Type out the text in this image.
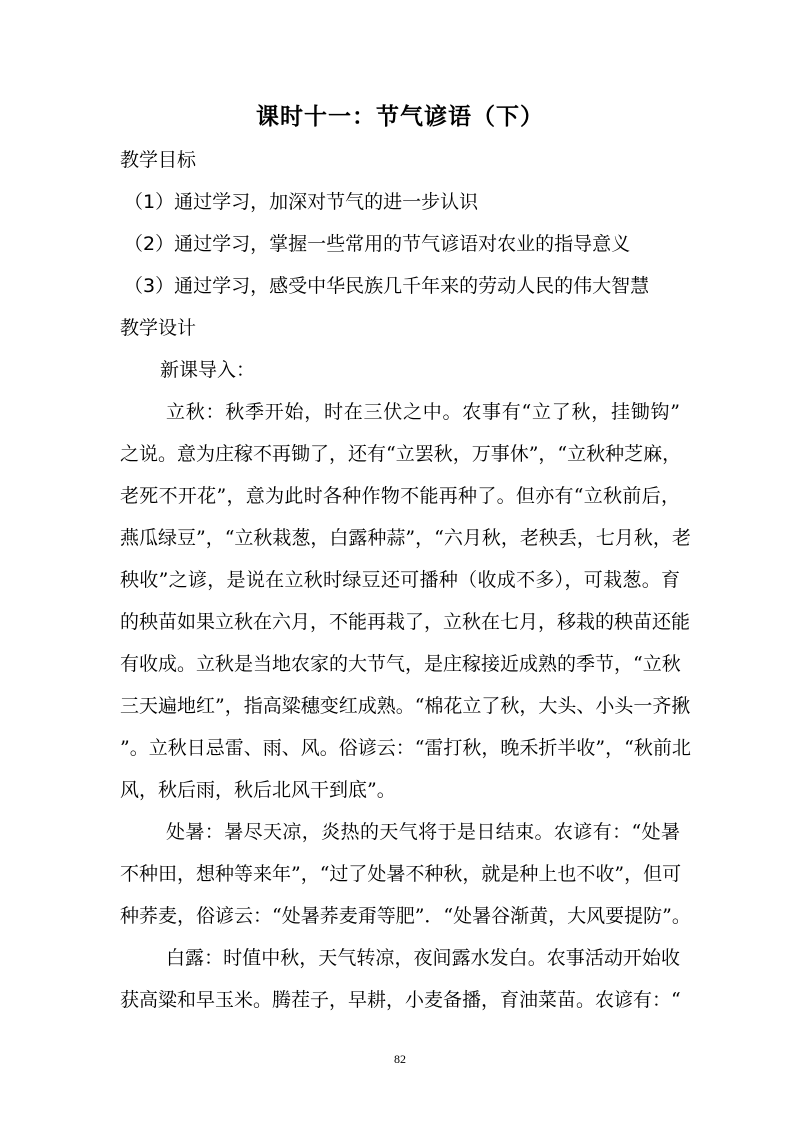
课时十一：节气谚语（下）
教学目标
（1）通过学习，加深对节气的进一步认识
（2）通过学习，掌握一些常用的节气谚语对农业的指导意义
（3）通过学习，感受中华民族几千年来的劳动人民的伟大智慧
教学设计
新课导入：
立秋：秋季开始，时在三伏之中。农事有“立了秋，挂锄钩”
之说。意为庄稼不再锄了，还有“立罢秋，万事休”，“立秋种芝麻，
老死不开花”，意为此时各种作物不能再种了。但亦有“立秋前后，
燕瓜绿豆”，“立秋栽葱，白露种蒜”，“六月秋，老秧丢，七月秋，老
秧收”之谚，是说在立秋时绿豆还可播种（收成不多），可栽葱。育
的秧苗如果立秋在六月，不能再栽了，立秋在七月，移栽的秧苗还能
有收成。立秋是当地农家的大节气，是庄稼接近成熟的季节，“立秋
三天遍地红”，指高粱穗变红成熟。“棉花立了秋，大头、小头一齐揪
”。立秋日忌雷、雨、风。俗谚云：“雷打秋，晚禾折半收”，“秋前北
风，秋后雨，秋后北风干到底”。
处暑：暑尽天凉，炎热的天气将于是日结束。农谚有：“处暑
不种田，想种等来年”，“过了处暑不种秋，就是种上也不收”，但可
种荞麦，俗谚云：“处暑荞麦甭等肥”．“处暑谷渐黄，大风要提防”。
白露：时值中秋，天气转凉，夜间露水发白。农事活动开始收
获高粱和早玉米。腾茬子，早耕，小麦备播，育油菜苗。农谚有：“
82
